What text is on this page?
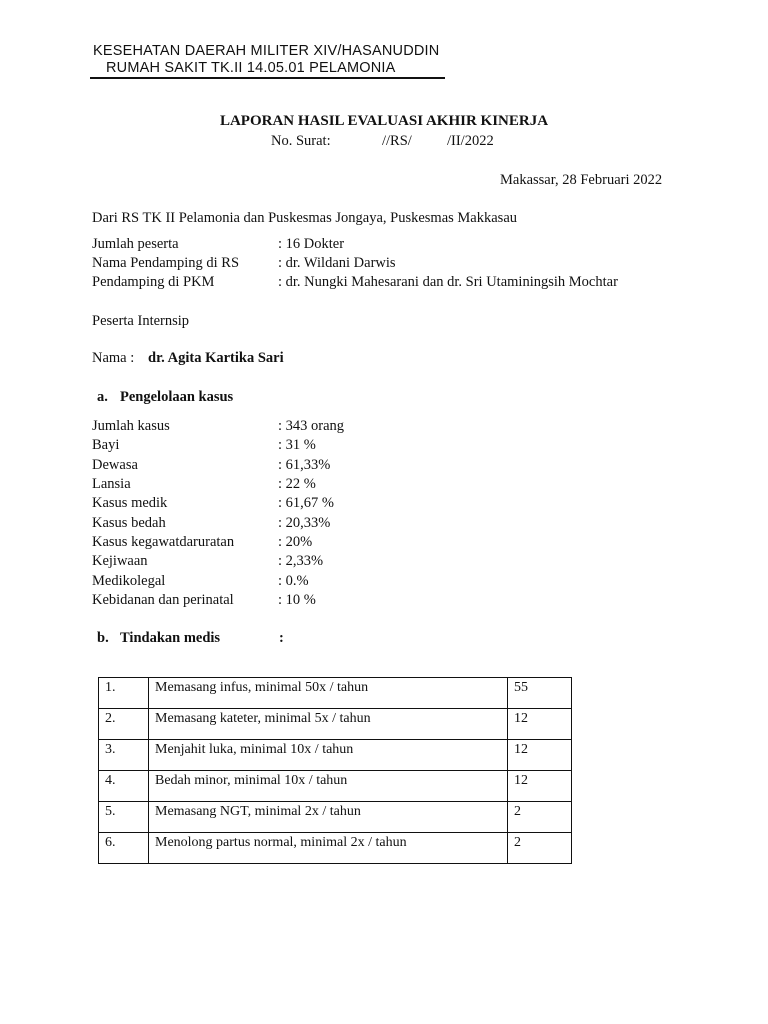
KESEHATAN DAERAH MILITER XIV/HASANUDDIN
RUMAH SAKIT TK.II 14.05.01 PELAMONIA
LAPORAN HASIL EVALUASI AKHIR KINERJA
No. Surat:	//RS/ /II/2022
Makassar, 28 Februari 2022
Dari RS TK II Pelamonia dan Puskesmas Jongaya, Puskesmas Makkasau
Jumlah peserta	: 16 Dokter
Nama Pendamping di RS	: dr. Wildani Darwis
Pendamping di PKM	: dr. Nungki Mahesarani dan dr. Sri Utaminingsih Mochtar
Peserta Internsip
Nama : dr. Agita Kartika Sari
a. Pengelolaan kasus
Jumlah kasus	: 343 orang
Bayi	: 31 %
Dewasa	: 61,33%
Lansia	: 22 %
Kasus medik	: 61,67 %
Kasus bedah	: 20,33%
Kasus kegawatdaruratan	: 20%
Kejiwaan	: 2,33%
Medikolegal	: 0.%
Kebidanan dan perinatal	: 10 %
b. Tindakan medis	:
1.	Memasang infus, minimal 50x / tahun	55
2.	Memasang kateter, minimal 5x / tahun	12
3.	Menjahit luka, minimal 10x / tahun	12
4.	Bedah minor, minimal 10x / tahun	12
5.	Memasang NGT, minimal 2x / tahun	2
6.	Menolong partus normal, minimal 2x / tahun	2
